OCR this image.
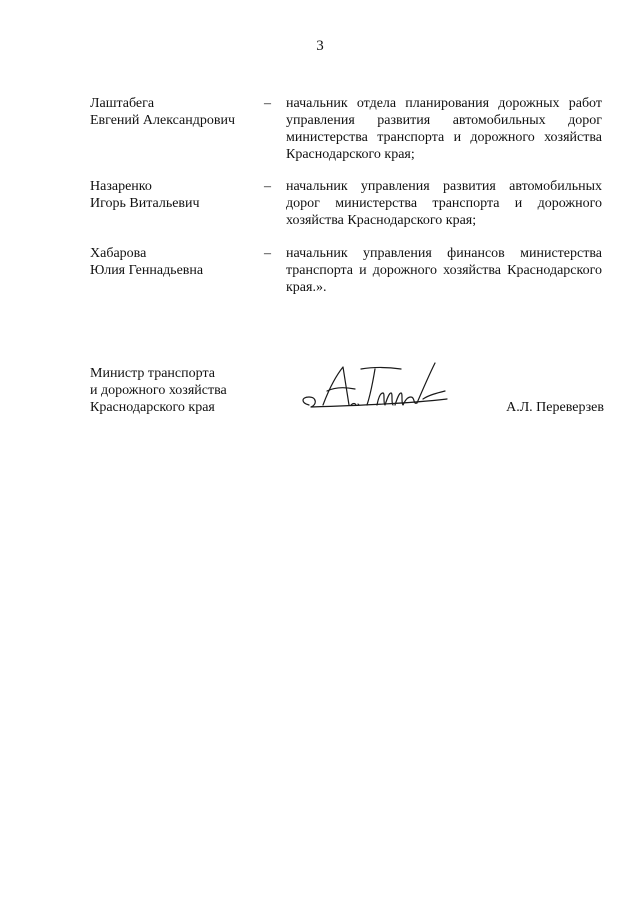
3
Лаштабега
Евгений Александрович
– начальник отдела планирования дорожных работ управления развития автомобильных дорог министерства транспорта и дорожного хозяйства Краснодарского края;
Назаренко
Игорь Витальевич
– начальник управления развития автомобильных дорог министерства транспорта и дорожного хозяйства Краснодарского края;
Хабарова
Юлия Геннадьевна
– начальник управления финансов министерства транспорта и дорожного хозяйства Краснодарского края.».
Министр транспорта
и дорожного хозяйства
Краснодарского края	А.Л. Переверзев
